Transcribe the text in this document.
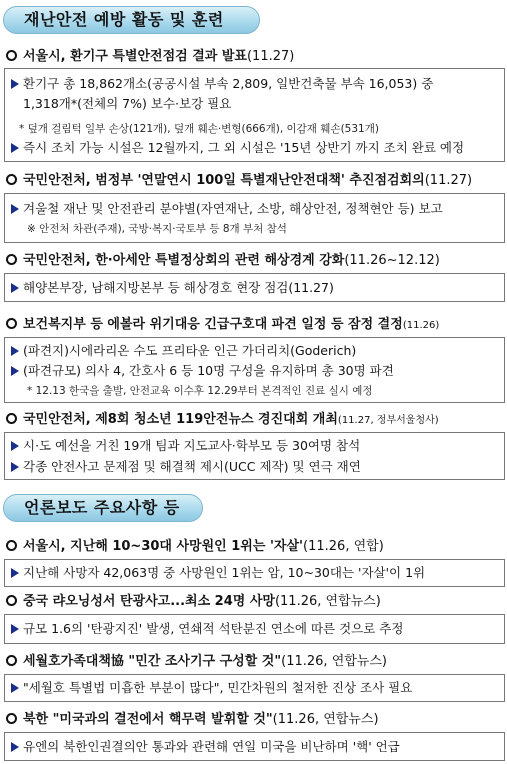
재난안전 예방 활동 및 훈련
서울시, 환기구 특별안전점검 결과 발표(11.27)
환기구 총 18,862개소(공공시설 부속 2,809, 일반건축물 부속 16,053) 중
1,318개*(전체의 7%) 보수·보강 필요
* 덮개 걸림턱 일부 손상(121개), 덮개 훼손·변형(666개), 이감재 훼손(531개)
즉시 조치 가능 시설은 12월까지, 그 외 시설은 '15년 상반기 까지 조치 완료 예정
국민안전처, 범정부 '연말연시 100일 특별재난안전대책' 추진점검회의(11.27)
겨울철 재난 및 안전관리 분야별(자연재난, 소방, 해상안전, 정책현안 등) 보고
※ 안전처 차관(주재), 국방·복지·국토부 등 8개 부처 참석
국민안전처, 한·아세안 특별정상회의 관련 해상경계 강화(11.26~12.12)
해양본부장, 남해지방본부 등 해상경호 현장 점검(11.27)
보건복지부 등 에볼라 위기대응 긴급구호대 파견 일정 등 잠정 결정(11.26)
(파견지)시에라리온 수도 프리타운 인근 가더리치(Goderich)
(파견규모) 의사 4, 간호사 6 등 10명 구성을 유지하며 총 30명 파견
* 12.13 한국을 출발, 안전교육 이수후 12.29부터 본격적인 진료 실시 예정
국민안전처, 제8회 청소년 119안전뉴스 경진대회 개최(11.27, 정부서울청사)
시·도 예선을 거친 19개 팀과 지도교사·학부모 등 30여명 참석
각종 안전사고 문제점 및 해결책 제시(UCC 제작) 및 연극 재연
언론보도 주요사항 등
서울시, 지난해 10~30대 사망원인 1위는 '자살'(11.26, 연합)
지난해 사망자 42,063명 중 사망원인 1위는 암, 10~30대는 '자살'이 1위
중국 랴오닝성서 탄광사고...최소 24명 사망(11.26, 연합뉴스)
규모 1.6의 '탄광지진' 발생, 연쇄적 석탄분진 연소에 따른 것으로 추정
세월호가족대책協 "민간 조사기구 구성할 것"(11.26, 연합뉴스)
"세월호 특별법 미흡한 부분이 많다", 민간차원의 철저한 진상 조사 필요
북한 "미국과의 결전에서 핵무력 발휘할 것"(11.26, 연합뉴스)
유엔의 북한인권결의안 통과와 관련해 연일 미국을 비난하며 '핵' 언급
